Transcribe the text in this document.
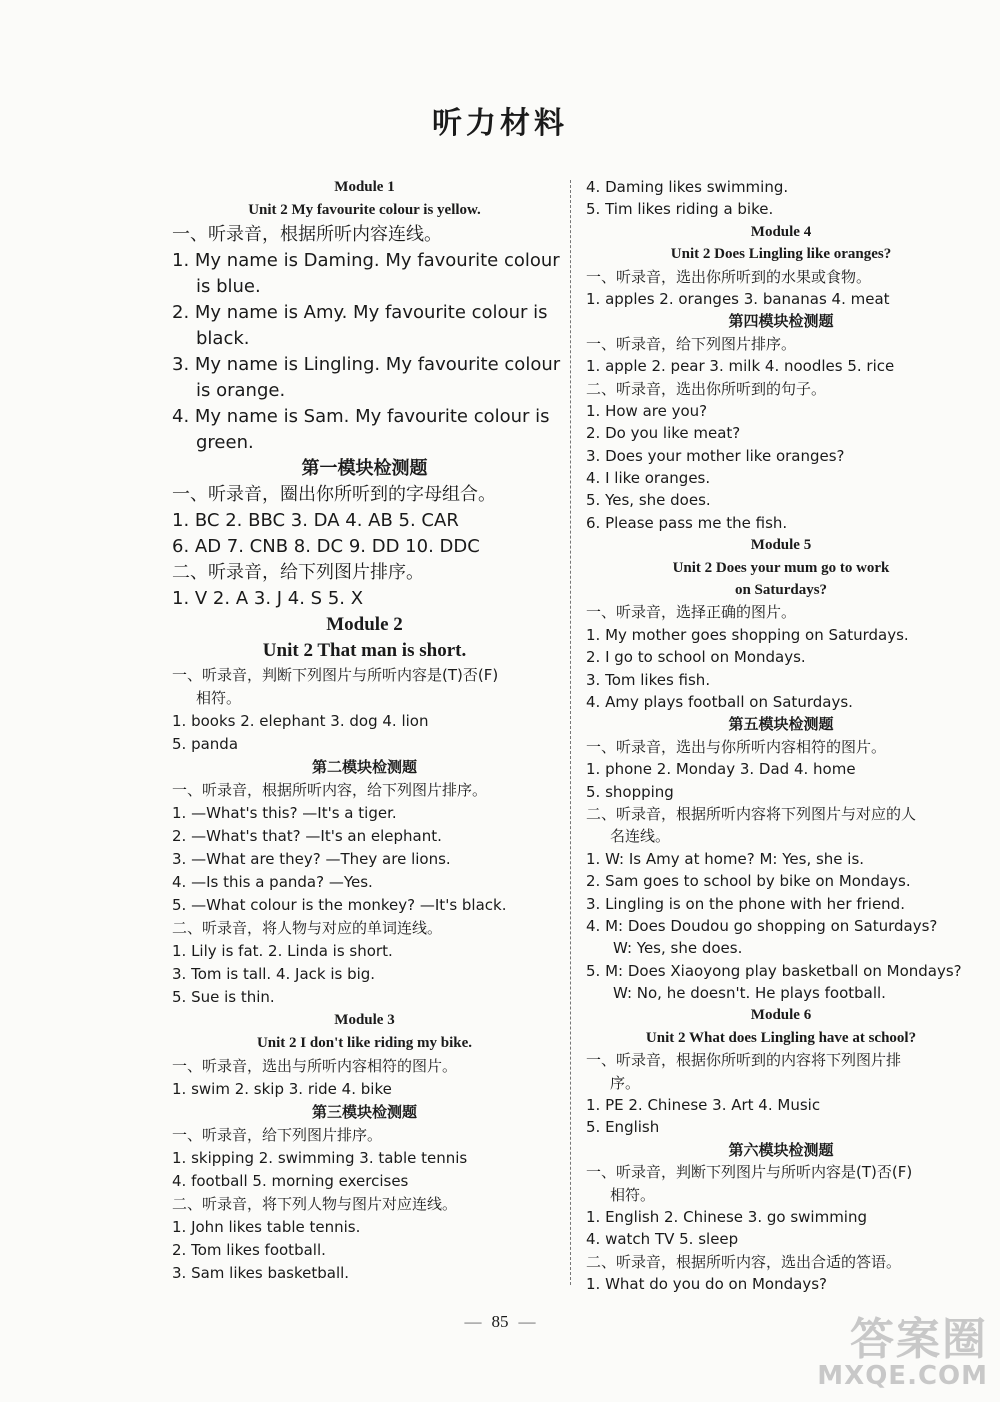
听力材料
Module 1
Unit 2 My favourite colour is yellow.
一、听录音，根据所听内容连线。
1. My name is Daming. My favourite colour
is blue.
2. My name is Amy. My favourite colour is
black.
3. My name is Lingling. My favourite colour
is orange.
4. My name is Sam. My favourite colour is
green.
第一模块检测题
一、听录音，圈出你所听到的字母组合。
1. BC 2. BBC 3. DA 4. AB 5. CAR
6. AD 7. CNB 8. DC 9. DD 10. DDC
二、听录音，给下列图片排序。
1. V 2. A 3. J 4. S 5. X
Module 2
Unit 2 That man is short.
一、听录音，判断下列图片与所听内容是(T)否(F)
相符。
1. books 2. elephant 3. dog 4. lion
5. panda
第二模块检测题
一、听录音，根据所听内容，给下列图片排序。
1. —What's this? —It's a tiger.
2. —What's that? —It's an elephant.
3. —What are they? —They are lions.
4. —Is this a panda? —Yes.
5. —What colour is the monkey? —It's black.
二、听录音，将人物与对应的单词连线。
1. Lily is fat. 2. Linda is short.
3. Tom is tall. 4. Jack is big.
5. Sue is thin.
Module 3
Unit 2 I don't like riding my bike.
一、听录音，选出与所听内容相符的图片。
1. swim 2. skip 3. ride 4. bike
第三模块检测题
一、听录音，给下列图片排序。
1. skipping 2. swimming 3. table tennis
4. football 5. morning exercises
二、听录音，将下列人物与图片对应连线。
1. John likes table tennis.
2. Tom likes football.
3. Sam likes basketball.
4. Daming likes swimming.
5. Tim likes riding a bike.
Module 4
Unit 2 Does Lingling like oranges?
一、听录音，选出你所听到的水果或食物。
1. apples 2. oranges 3. bananas 4. meat
第四模块检测题
一、听录音，给下列图片排序。
1. apple 2. pear 3. milk 4. noodles 5. rice
二、听录音，选出你所听到的句子。
1. How are you?
2. Do you like meat?
3. Does your mother like oranges?
4. I like oranges.
5. Yes, she does.
6. Please pass me the fish.
Module 5
Unit 2 Does your mum go to work
on Saturdays?
一、听录音，选择正确的图片。
1. My mother goes shopping on Saturdays.
2. I go to school on Mondays.
3. Tom likes fish.
4. Amy plays football on Saturdays.
第五模块检测题
一、听录音，选出与你所听内容相符的图片。
1. phone 2. Monday 3. Dad 4. home
5. shopping
二、听录音，根据所听内容将下列图片与对应的人
名连线。
1. W: Is Amy at home? M: Yes, she is.
2. Sam goes to school by bike on Mondays.
3. Lingling is on the phone with her friend.
4. M: Does Doudou go shopping on Saturdays?
W: Yes, she does.
5. M: Does Xiaoyong play basketball on Mondays?
W: No, he doesn't. He plays football.
Module 6
Unit 2 What does Lingling have at school?
一、听录音，根据你所听到的内容将下列图片排
序。
1. PE 2. Chinese 3. Art 4. Music
5. English
第六模块检测题
一、听录音，判断下列图片与所听内容是(T)否(F)
相符。
1. English 2. Chinese 3. go swimming
4. watch TV 5. sleep
二、听录音，根据所听内容，选出合适的答语。
1. What do you do on Mondays?
— 85 —	答案圈
MXQE.COM
